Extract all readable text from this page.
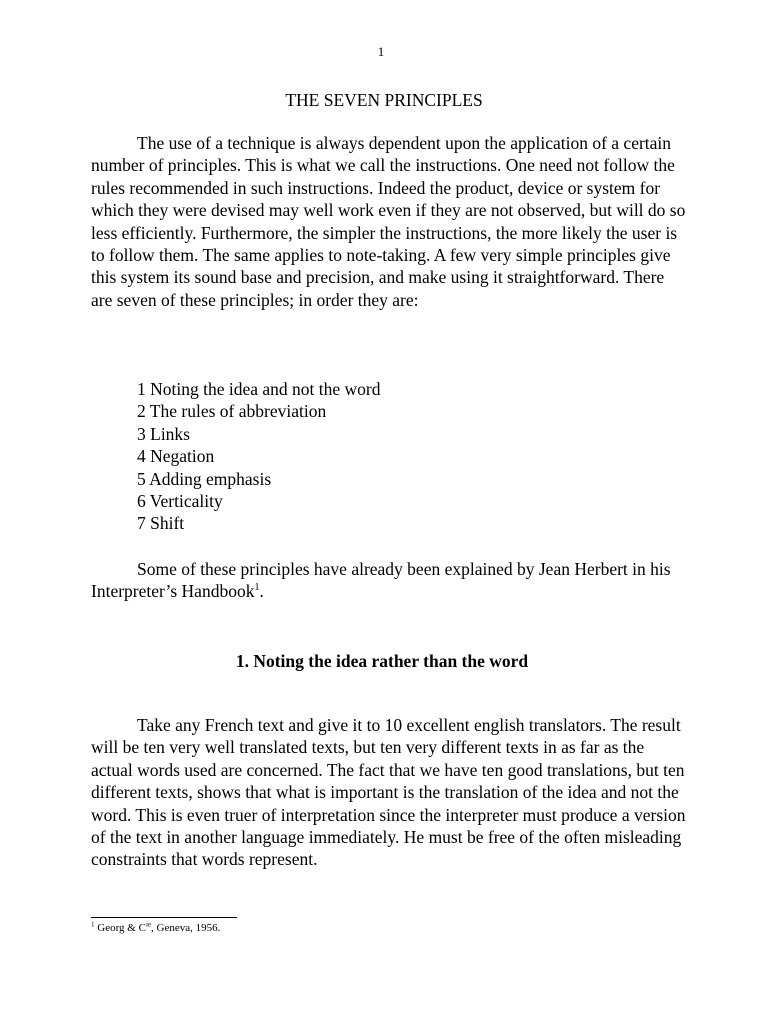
1
THE SEVEN PRINCIPLES

The use of a technique is always dependent upon the application of a certain number of principles. This is what we call the instructions. One need not follow the rules recommended in such instructions. Indeed the product, device or system for which they were devised may well work even if they are not observed, but will do so less efficiently. Furthermore, the simpler the instructions, the more likely the user is to follow them. The same applies to note-taking. A few very simple principles give this system its sound base and precision, and make using it straightforward. There are seven of these principles; in order they are:

1 Noting the idea and not the word
2 The rules of abbreviation
3 Links
4 Negation
5 Adding emphasis
6 Verticality
7 Shift

Some of these principles have already been explained by Jean Herbert in his Interpreter’s Handbook$^1$.

1. Noting the idea rather than the word

Take any French text and give it to 10 excellent english translators. The result will be ten very well translated texts, but ten very different texts in as far as the actual words used are concerned. The fact that we have ten good translations, but ten different texts, shows that what is important is the translation of the idea and not the word. This is even truer of interpretation since the interpreter must produce a version of the text in another language immediately. He must be free of the often misleading constraints that words represent.

$^1$ Georg & $C^{ie}$, Geneva, 1956.
